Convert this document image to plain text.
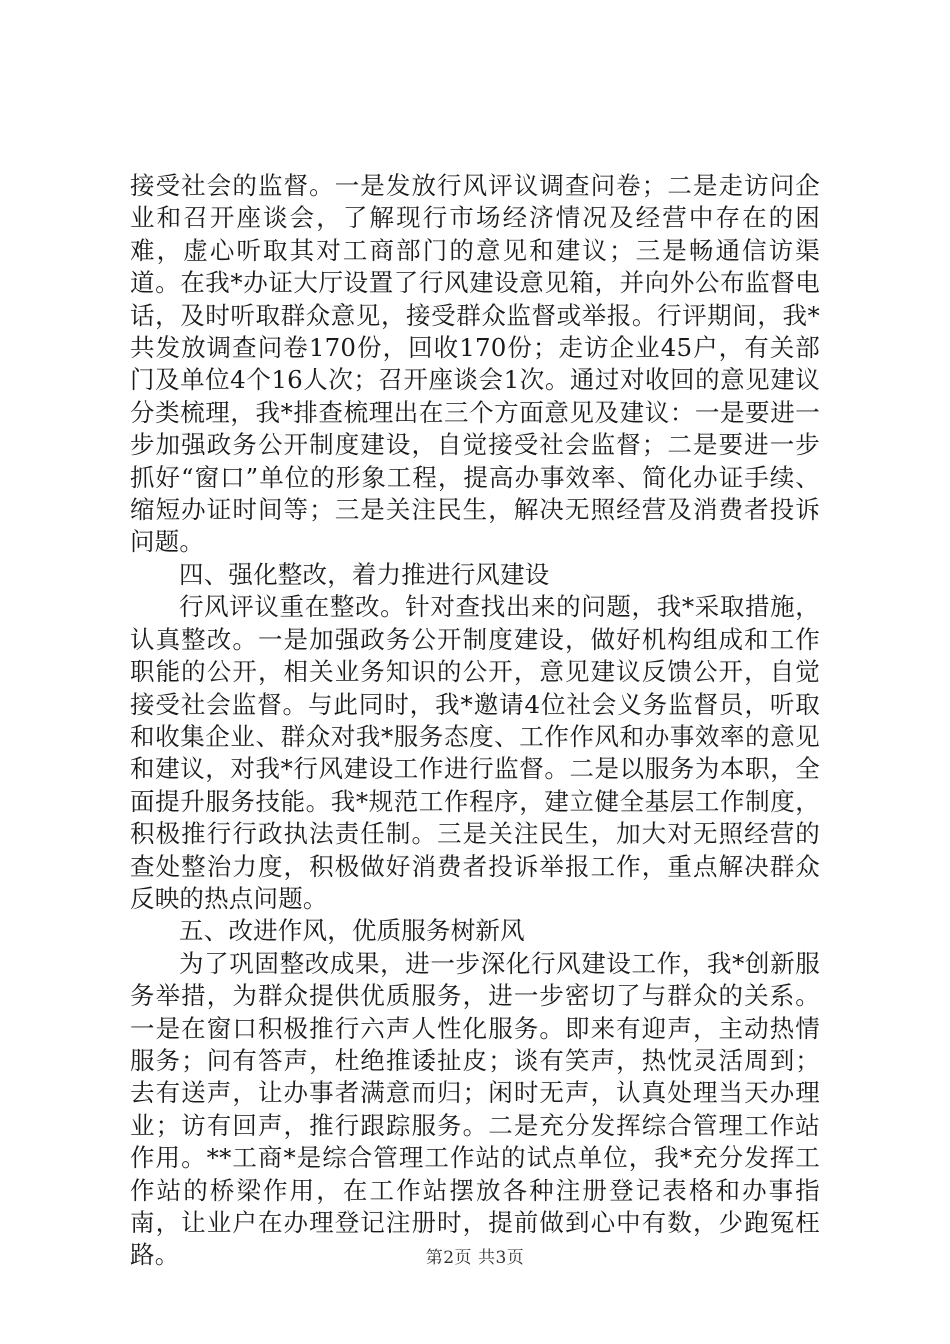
接受社会的监督。一是发放行风评议调查问卷；二是走访问企业和召开座谈会，了解现行市场经济情况及经营中存在的困难，虚心听取其对工商部门的意见和建议；三是畅通信访渠道。在我*办证大厅设置了行风建设意见箱，并向外公布监督电话，及时听取群众意见，接受群众监督或举报。行评期间，我*共发放调查问卷170份，回收170份；走访企业45户，有关部门及单位4个16人次；召开座谈会1次。通过对收回的意见建议分类梳理，我*排查梳理出在三个方面意见及建议：一是要进一步加强政务公开制度建设，自觉接受社会监督；二是要进一步抓好“窗口”单位的形象工程，提高办事效率、简化办证手续、缩短办证时间等；三是关注民生，解决无照经营及消费者投诉问题。

四、强化整改，着力推进行风建设

行风评议重在整改。针对查找出来的问题，我*采取措施，认真整改。一是加强政务公开制度建设，做好机构组成和工作职能的公开，相关业务知识的公开，意见建议反馈公开，自觉接受社会监督。与此同时，我*邀请4位社会义务监督员，听取和收集企业、群众对我*服务态度、工作作风和办事效率的意见和建议，对我*行风建设工作进行监督。二是以服务为本职，全面提升服务技能。我*规范工作程序，建立健全基层工作制度，积极推行行政执法责任制。三是关注民生，加大对无照经营的查处整治力度，积极做好消费者投诉举报工作，重点解决群众反映的热点问题。

五、改进作风，优质服务树新风

为了巩固整改成果，进一步深化行风建设工作，我*创新服务举措，为群众提供优质服务，进一步密切了与群众的关系。一是在窗口积极推行六声人性化服务。即来有迎声，主动热情服务；问有答声，杜绝推诿扯皮；谈有笑声，热忱灵活周到；去有送声，让办事者满意而归；闲时无声，认真处理当天办理业；访有回声，推行跟踪服务。二是充分发挥综合管理工作站作用。**工商*是综合管理工作站的试点单位，我*充分发挥工作站的桥梁作用，在工作站摆放各种注册登记表格和办事指南，让业户在办理登记注册时，提前做到心中有数，少跑冤枉路。	第2页 共3页
